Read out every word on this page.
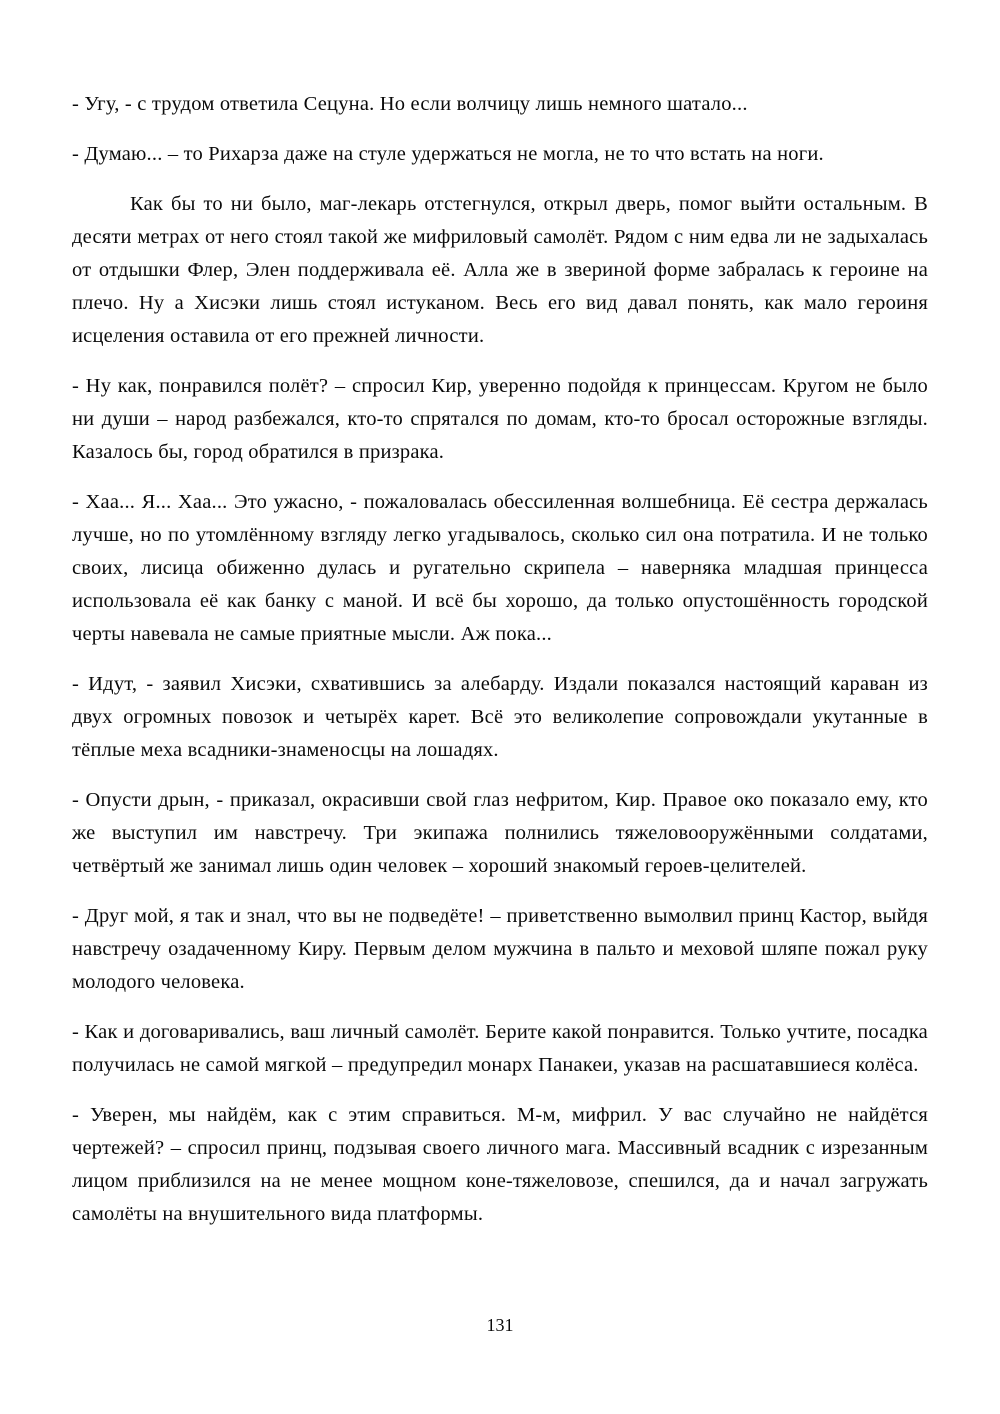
- Угу, - с трудом ответила Сецуна. Но если волчицу лишь немного шатало...

- Думаю... – то Рихарза даже на стуле удержаться не могла, не то что встать на ноги.

Как бы то ни было, маг-лекарь отстегнулся, открыл дверь, помог выйти остальным. В десяти метрах от него стоял такой же мифриловый самолёт. Рядом с ним едва ли не задыхалась от отдышки Флер, Элен поддерживала её. Алла же в звериной форме забралась к героине на плечо. Ну а Хисэки лишь стоял истуканом. Весь его вид давал понять, как мало героиня исцеления оставила от его прежней личности.

- Ну как, понравился полёт? – спросил Кир, уверенно подойдя к принцессам. Кругом не было ни души – народ разбежался, кто-то спрятался по домам, кто-то бросал осторожные взгляды. Казалось бы, город обратился в призрака.

- Хаа... Я... Хаа... Это ужасно, - пожаловалась обессиленная волшебница. Её сестра держалась лучше, но по утомлённому взгляду легко угадывалось, сколько сил она потратила. И не только своих, лисица обиженно дулась и ругательно скрипела – наверняка младшая принцесса использовала её как банку с маной. И всё бы хорошо, да только опустошённость городской черты навевала не самые приятные мысли. Аж пока...

- Идут, - заявил Хисэки, схватившись за алебарду. Издали показался настоящий караван из двух огромных повозок и четырёх карет. Всё это великолепие сопровождали укутанные в тёплые меха всадники-знаменосцы на лошадях.

- Опусти дрын, - приказал, окрасивши свой глаз нефритом, Кир. Правое око показало ему, кто же выступил им навстречу. Три экипажа полнились тяжеловооружёнными солдатами, четвёртый же занимал лишь один человек – хороший знакомый героев-целителей.

- Друг мой, я так и знал, что вы не подведёте! – приветственно вымолвил принц Кастор, выйдя навстречу озадаченному Киру. Первым делом мужчина в пальто и меховой шляпе пожал руку молодого человека.

- Как и договаривались, ваш личный самолёт. Берите какой понравится. Только учтите, посадка получилась не самой мягкой – предупредил монарх Панакеи, указав на расшатавшиеся колёса.

- Уверен, мы найдём, как с этим справиться. М-м, мифрил. У вас случайно не найдётся чертежей? – спросил принц, подзывая своего личного мага. Массивный всадник с изрезанным лицом приблизился на не менее мощном коне-тяжеловозе, спешился, да и начал загружать самолёты на внушительного вида платформы.

131
